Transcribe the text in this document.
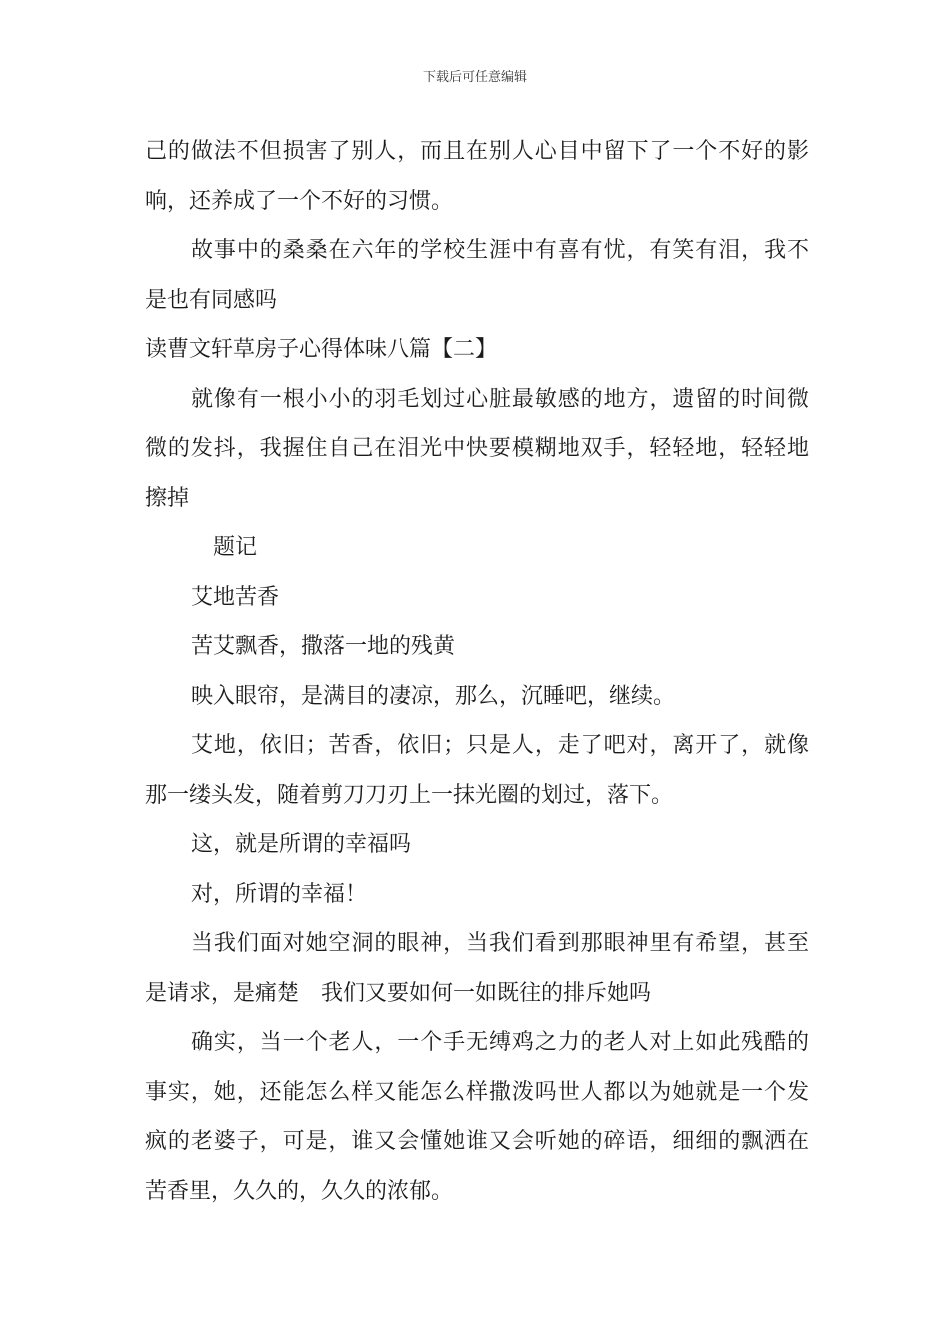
下载后可任意编辑
己的做法不但损害了别人，而且在别人心目中留下了一个不好的影
响，还养成了一个不好的习惯。
故事中的桑桑在六年的学校生涯中有喜有忧，有笑有泪，我不
是也有同感吗
读曹文轩草房子心得体味八篇【二】
就像有一根小小的羽毛划过心脏最敏感的地方，遗留的时间微
微的发抖，我握住自己在泪光中快要模糊地双手，轻轻地，轻轻地
擦掉
题记
艾地苦香
苦艾飘香，撒落一地的残黄
映入眼帘，是满目的凄凉，那么，沉睡吧，继续。
艾地，依旧；苦香，依旧；只是人，走了吧对，离开了，就像
那一缕头发，随着剪刀刀刃上一抹光圈的划过，落下。
这，就是所谓的幸福吗
对，所谓的幸福！
当我们面对她空洞的眼神，当我们看到那眼神里有希望，甚至
是请求，是痛楚　我们又要如何一如既往的排斥她吗
确实，当一个老人，一个手无缚鸡之力的老人对上如此残酷的
事实，她，还能怎么样又能怎么样撒泼吗世人都以为她就是一个发
疯的老婆子，可是，谁又会懂她谁又会听她的碎语，细细的飘洒在
苦香里，久久的，久久的浓郁。
